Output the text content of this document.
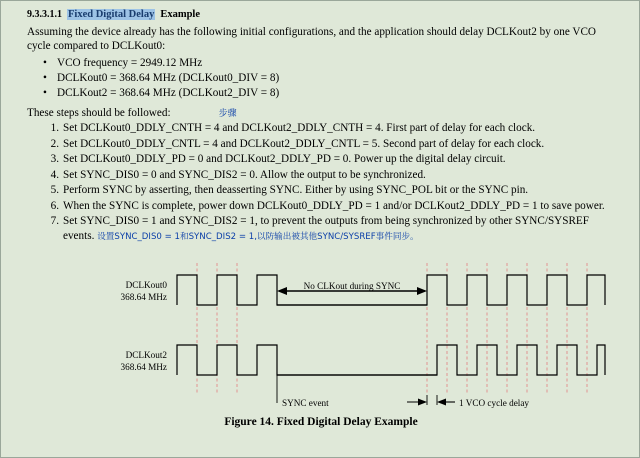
9.3.3.1.1 Fixed Digital Delay Example

Assuming the device already has the following initial configurations, and the application should delay DCLKout2 by one VCO cycle compared to DCLKout0:

• VCO frequency = 2949.12 MHz
• DCLKout0 = 368.64 MHz (DCLKout0_DIV = 8)
• DCLKout2 = 368.64 MHz (DCLKout2_DIV = 8)
These steps should be followed:	步骤
Set DCLKout0_DDLY_CNTH = 4 and DCLKout2_DDLY_CNTH = 4. First part of delay for each clock.
Set DCLKout0_DDLY_CNTL = 4 and DCLKout2_DDLY_CNTL = 5. Second part of delay for each clock.
Set DCLKout0_DDLY_PD = 0 and DCLKout2_DDLY_PD = 0. Power up the digital delay circuit.
Set SYNC_DIS0 = 0 and SYNC_DIS2 = 0. Allow the output to be synchronized.
Perform SYNC by asserting, then deasserting SYNC. Either by using SYNC_POL bit or the SYNC pin.
When the SYNC is complete, power down DCLKout0_DDLY_PD = 1 and/or DCLKout2_DDLY_PD = 1 to save power.
Set SYNC_DIS0 = 1 and SYNC_DIS2 = 1, to prevent the outputs from being synchronized by other SYNC/SYSREF events. 设置SYNC_DIS0 = 1和SYNC_DIS2 = 1,以防输出被其他SYNC/SYSREF事件同步。
DCLKout0
368.64 MHz
DCLKout2
368.64 MHz
No CLKout during SYNC
SYNC event	1 VCO cycle delay
Figure 14. Fixed Digital Delay Example
